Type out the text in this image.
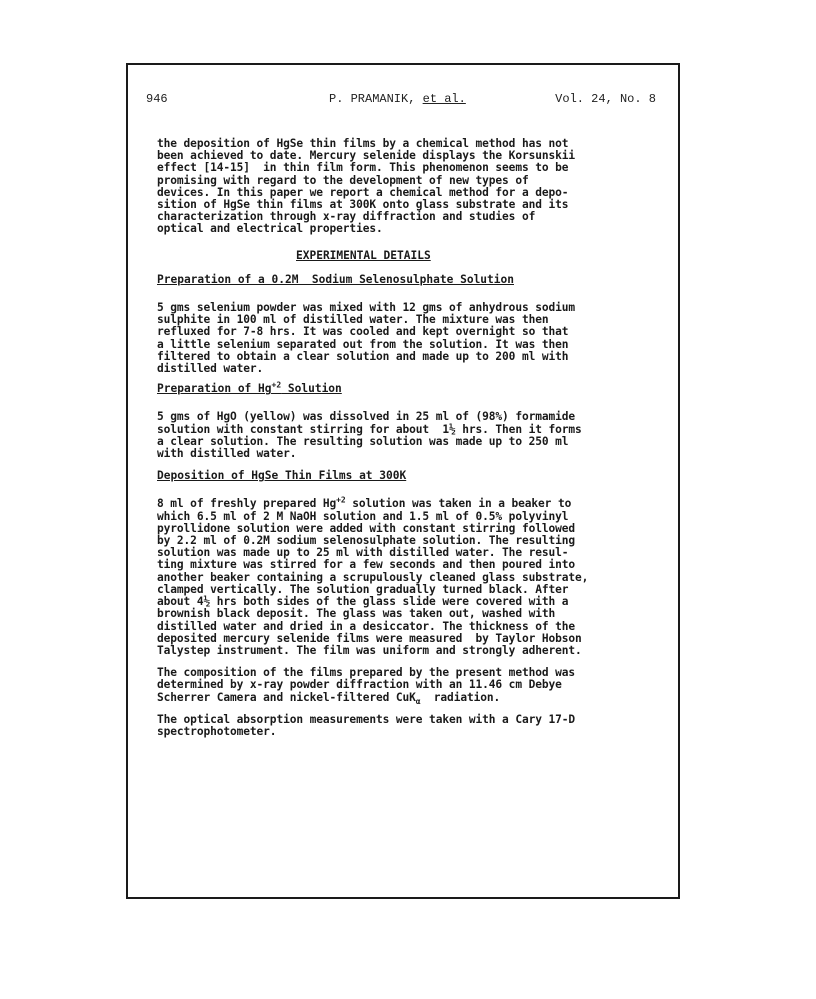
946	P. PRAMANIK, et al.	Vol. 24, No. 8
the deposition of HgSe thin films by a chemical method has not
been achieved to date. Mercury selenide displays the Korsunskii
effect [14-15]  in thin film form. This phenomenon seems to be
promising with regard to the development of new types of
devices. In this paper we report a chemical method for a depo-
sition of HgSe thin films at 300K onto glass substrate and its
characterization through x-ray diffraction and studies of
optical and electrical properties.
EXPERIMENTAL DETAILS
Preparation of a 0.2M  Sodium Selenosulphate Solution
5 gms selenium powder was mixed with 12 gms of anhydrous sodium
sulphite in 100 ml of distilled water. The mixture was then
refluxed for 7-8 hrs. It was cooled and kept overnight so that
a little selenium separated out from the solution. It was then
filtered to obtain a clear solution and made up to 200 ml with
distilled water.
Preparation of $Hg^{+2}$ Solution
5 gms of HgO (yellow) was dissolved in 25 ml of (98%) formamide
solution with constant stirring for about  1½ hrs. Then it forms
a clear solution. The resulting solution was made up to 250 ml
with distilled water.
Deposition of HgSe Thin Films at 300K
8 ml of freshly prepared $Hg^{+2}$ solution was taken in a beaker to
which 6.5 ml of 2 M NaOH solution and 1.5 ml of 0.5% polyvinyl
pyrollidone solution were added with constant stirring followed
by 2.2 ml of 0.2M sodium selenosulphate solution. The resulting
solution was made up to 25 ml with distilled water. The resul-
ting mixture was stirred for a few seconds and then poured into
another beaker containing a scrupulously cleaned glass substrate,
clamped vertically. The solution gradually turned black. After
about 4½ hrs both sides of the glass slide were covered with a
brownish black deposit. The glass was taken out, washed with
distilled water and dried in a desiccator. The thickness of the
deposited mercury selenide films were measured  by Taylor Hobson
Talystep instrument. The film was uniform and strongly adherent.
The composition of the films prepared by the present method was
determined by x-ray powder diffraction with an 11.46 cm Debye
Scherrer Camera and nickel-filtered CuK$_\alpha$  radiation.
The optical absorption measurements were taken with a Cary 17-D
spectrophotometer.
